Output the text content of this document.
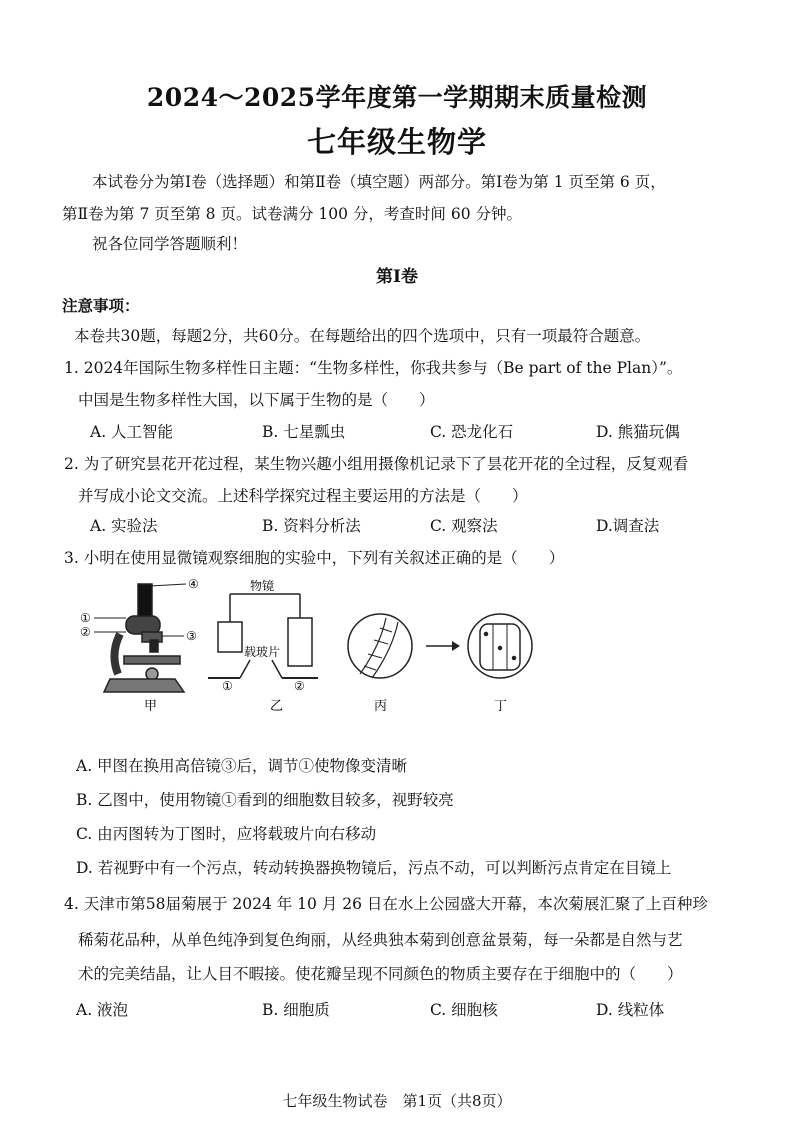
2024～2025学年度第一学期期末质量检测
七年级生物学
本试卷分为第Ⅰ卷（选择题）和第Ⅱ卷（填空题）两部分。第Ⅰ卷为第 1 页至第 6 页，
第Ⅱ卷为第 7 页至第 8 页。试卷满分 100 分，考查时间 60 分钟。
祝各位同学答题顺利！
第Ⅰ卷
注意事项：
本卷共30题，每题2分，共60分。在每题给出的四个选项中，只有一项最符合题意。
1. 2024年国际生物多样性日主题：“生物多样性，你我共参与（Be part of the Plan）”。
中国是生物多样性大国，以下属于生物的是（　　）
A. 人工智能	B. 七星瓢虫	C. 恐龙化石	D. 熊猫玩偶
2. 为了研究昙花开花过程，某生物兴趣小组用摄像机记录下了昙花开花的全过程，反复观看
并写成小论文交流。上述科学探究过程主要运用的方法是（　　）
A. 实验法	B. 资料分析法	C. 观察法	D.调查法
3. 小明在使用显微镜观察细胞的实验中，下列有关叙述正确的是（　　）
④
①
②	③
甲
物镜
载玻片
①	②
乙	丙	丁
A. 甲图在换用高倍镜③后，调节①使物像变清晰
B. 乙图中，使用物镜①看到的细胞数目较多，视野较亮
C. 由丙图转为丁图时，应将载玻片向右移动
D. 若视野中有一个污点，转动转换器换物镜后，污点不动，可以判断污点肯定在目镜上
4. 天津市第58届菊展于 2024 年 10 月 26 日在水上公园盛大开幕，本次菊展汇聚了上百种珍
稀菊花品种，从单色纯净到复色绚丽，从经典独本菊到创意盆景菊，每一朵都是自然与艺
术的完美结晶，让人目不暇接。使花瓣呈现不同颜色的物质主要存在于细胞中的（　　）
A. 液泡	B. 细胞质	C. 细胞核	D. 线粒体
七年级生物试卷　第1页（共8页）
